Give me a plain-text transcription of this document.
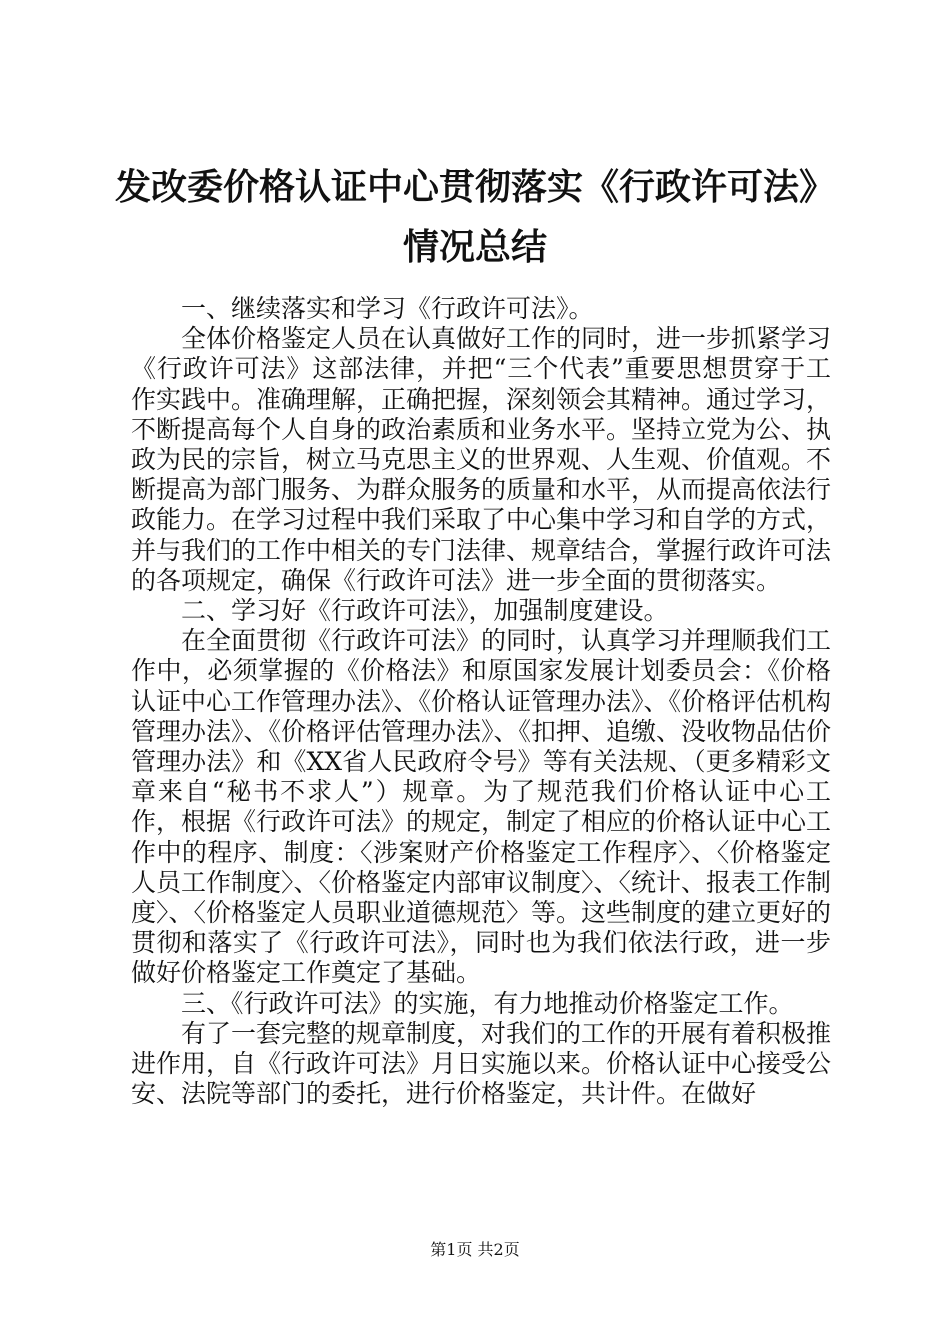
发改委价格认证中心贯彻落实《行政许可法》
情况总结

一、继续落实和学习《行政许可法》。

全体价格鉴定人员在认真做好工作的同时，进一步抓紧学习《行政许可法》这部法律，并把“三个代表”重要思想贯穿于工作实践中。准确理解，正确把握，深刻领会其精神。通过学习，不断提高每个人自身的政治素质和业务水平。坚持立党为公、执政为民的宗旨，树立马克思主义的世界观、人生观、价值观。不断提高为部门服务、为群众服务的质量和水平，从而提高依法行政能力。在学习过程中我们采取了中心集中学习和自学的方式，并与我们的工作中相关的专门法律、规章结合，掌握行政许可法的各项规定，确保《行政许可法》进一步全面的贯彻落实。

二、学习好《行政许可法》，加强制度建设。

在全面贯彻《行政许可法》的同时，认真学习并理顺我们工作中，必须掌握的《价格法》和原国家发展计划委员会：《价格认证中心工作管理办法》、《价格认证管理办法》、《价格评估机构管理办法》、《价格评估管理办法》、《扣押、追缴、没收物品估价管理办法》和《XX省人民政府令号》等有关法规、（更多精彩文章来自“秘书不求人”）规章。为了规范我们价格认证中心工作，根据《行政许可法》的规定，制定了相应的价格认证中心工作中的程序、制度：〈涉案财产价格鉴定工作程序〉、〈价格鉴定人员工作制度〉、〈价格鉴定内部审议制度〉、〈统计、报表工作制度〉、〈价格鉴定人员职业道德规范〉等。这些制度的建立更好的贯彻和落实了《行政许可法》，同时也为我们依法行政，进一步做好价格鉴定工作奠定了基础。

三、《行政许可法》的实施，有力地推动价格鉴定工作。

有了一套完整的规章制度，对我们的工作的开展有着积极推进作用，自《行政许可法》月日实施以来。价格认证中心接受公安、法院等部门的委托，进行价格鉴定，共计件。在做好

第1页 共2页
